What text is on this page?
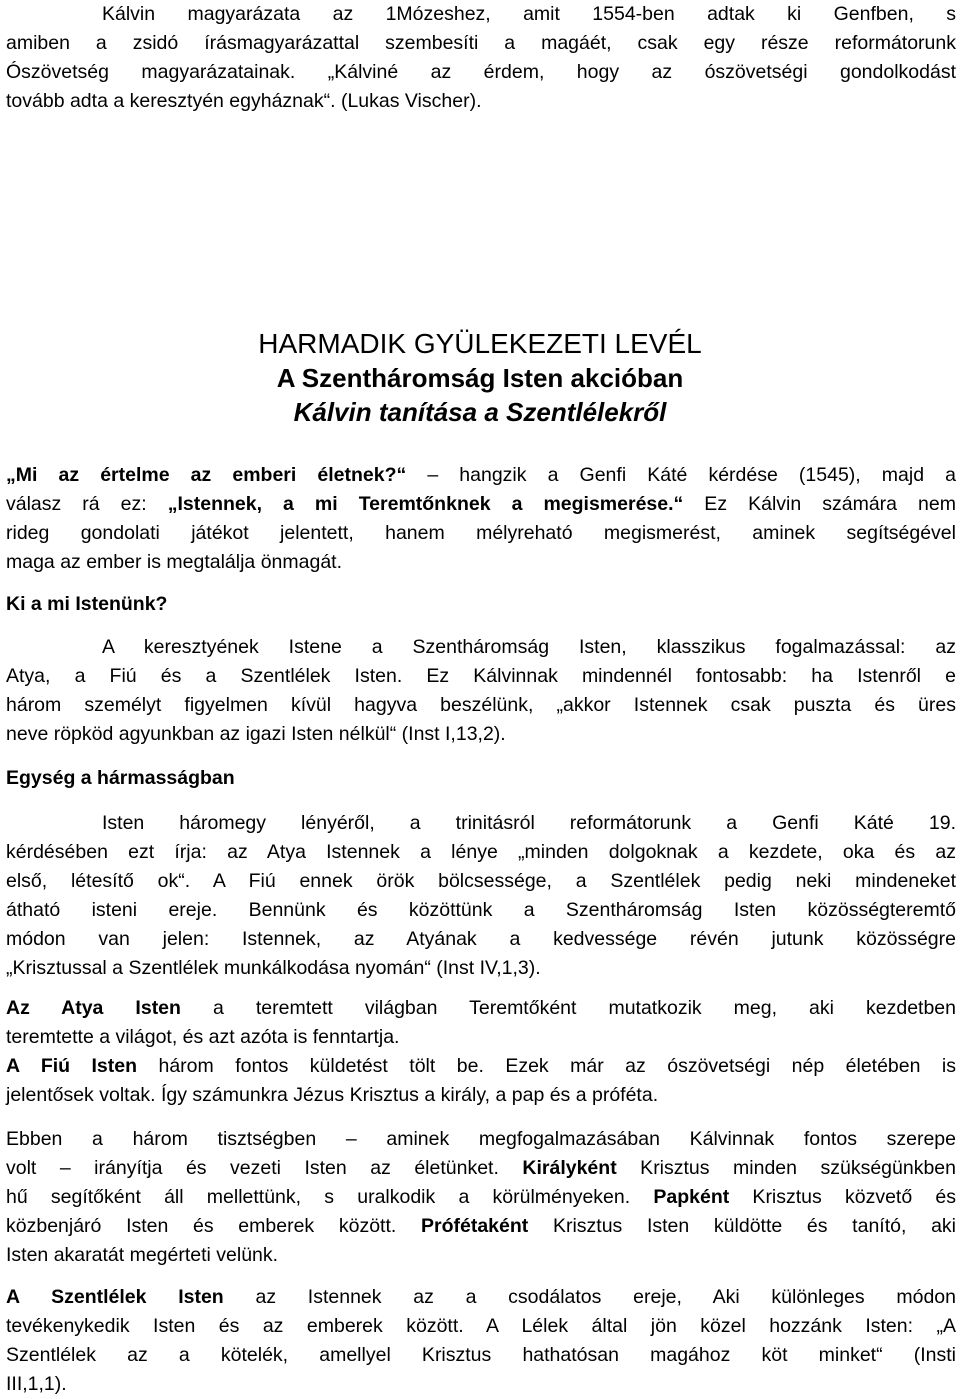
Kálvin magyarázata az 1Mózeshez, amit 1554-ben adtak ki Genfben, s
amiben a zsidó írásmagyarázattal szembesíti a magáét, csak egy része reformátorunk
Ószövetség magyarázatainak. „Kálviné az érdem, hogy az ószövetségi gondolkodást
tovább adta a keresztyén egyháznak“. (Lukas Vischer).
HARMADIK GYÜLEKEZETI LEVÉL
A Szentháromság Isten akcióban
Kálvin tanítása a Szentlélekről
„Mi az értelme az emberi életnek?“ – hangzik a Genfi Káté kérdése (1545), majd a
válasz rá ez: „Istennek, a mi Teremtőnknek a megismerése.“ Ez Kálvin számára nem
rideg gondolati játékot jelentett, hanem mélyreható megismerést, aminek segítségével
maga az ember is megtalálja önmagát.
Ki a mi Istenünk?
A keresztyének Istene a Szentháromság Isten, klasszikus fogalmazással: az
Atya, a Fiú és a Szentlélek Isten. Ez Kálvinnak mindennél fontosabb: ha Istenről e
három személyt figyelmen kívül hagyva beszélünk, „akkor Istennek csak puszta és üres
neve röpköd agyunkban az igazi Isten nélkül“ (Inst I,13,2).
Egység a hármasságban
Isten háromegy lényéről, a trinitásról reformátorunk a Genfi Káté 19.
kérdésében ezt írja: az Atya Istennek a lénye „minden dolgoknak a kezdete, oka és az
első, létesítő ok“. A Fiú ennek örök bölcsessége, a Szentlélek pedig neki mindeneket
átható isteni ereje. Bennünk és közöttünk a Szentháromság Isten közösségteremtő
módon van jelen: Istennek, az Atyának a kedvessége révén jutunk közösségre
„Krisztussal a Szentlélek munkálkodása nyomán“ (Inst IV,1,3).
Az Atya Isten a teremtett világban Teremtőként mutatkozik meg, aki kezdetben
teremtette a világot, és azt azóta is fenntartja.
A Fiú Isten három fontos küldetést tölt be. Ezek már az ószövetségi nép életében is
jelentősek voltak. Így számunkra Jézus Krisztus a király, a pap és a próféta.
Ebben a három tisztségben – aminek megfogalmazásában Kálvinnak fontos szerepe
volt – irányítja és vezeti Isten az életünket. Királyként Krisztus minden szükségünkben
hű segítőként áll mellettünk, s uralkodik a körülményeken. Papként Krisztus közvető és
közbenjáró Isten és emberek között. Prófétaként Krisztus Isten küldötte és tanító, aki
Isten akaratát megérteti velünk.
A Szentlélek Isten az Istennek az a csodálatos ereje, Aki különleges módon
tevékenykedik Isten és az emberek között. A Lélek által jön közel hozzánk Isten: „A
Szentlélek az a kötelék, amellyel Krisztus hathatósan magához köt minket“ (Insti
III,1,1).
